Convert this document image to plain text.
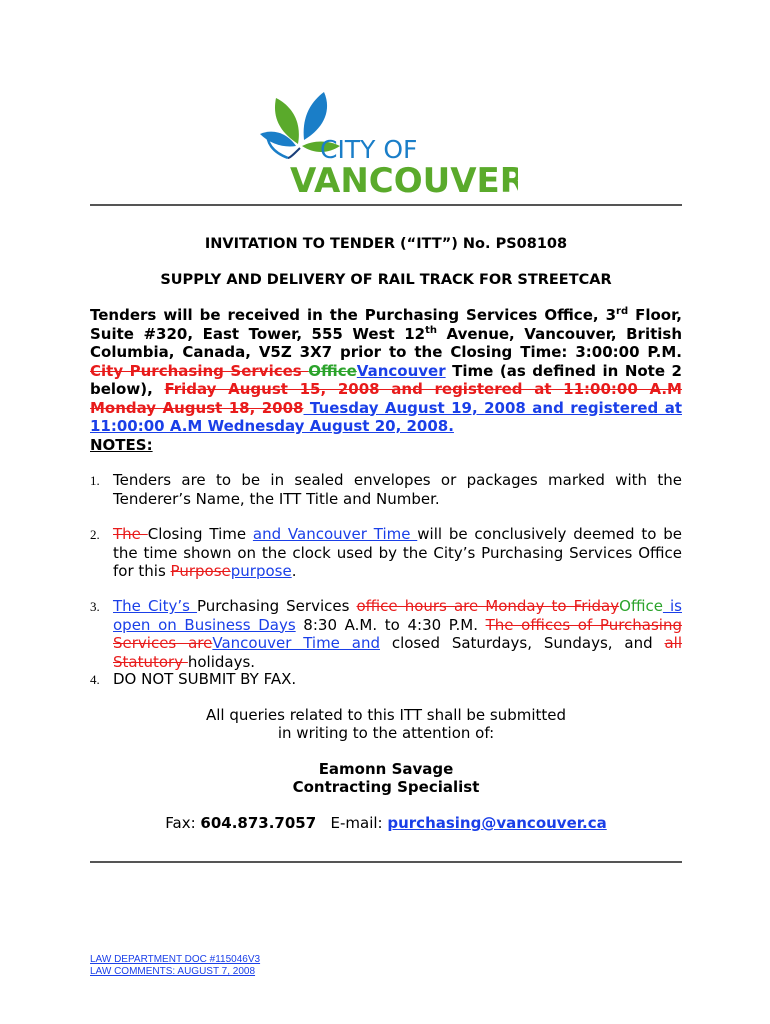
CITY OF
VANCOUVER
INVITATION TO TENDER (“ITT”) No. PS08108
SUPPLY AND DELIVERY OF RAIL TRACK FOR STREETCAR
Tenders will be received in the Purchasing Services Office, 3rd Floor, Suite #320, East Tower, 555 West 12th Avenue, Vancouver, British Columbia, Canada, V5Z 3X7 prior to the Closing Time: 3:00:00 P.M. City Purchasing Services OfficeVancouver Time (as defined in Note 2 below), Friday August 15, 2008 and registered at 11:00:00 A.M Monday August 18, 2008 Tuesday August 19, 2008 and registered at 11:00:00 A.M Wednesday August 20, 2008.
NOTES:
1. Tenders are to be in sealed envelopes or packages marked with the Tenderer’s Name, the ITT Title and Number.
2. The Closing Time and Vancouver Time will be conclusively deemed to be the time shown on the clock used by the City’s Purchasing Services Office for this Purposepurpose.
3. The City’s Purchasing Services office hours are Monday to FridayOffice is open on Business Days 8:30 A.M. to 4:30 P.M. The offices of Purchasing Services areVancouver Time and closed Saturdays, Sundays, and all Statutory holidays.
4. DO NOT SUBMIT BY FAX.
All queries related to this ITT shall be submitted
in writing to the attention of:
Eamonn Savage
Contracting Specialist
Fax: 604.873.7057 E-mail: purchasing@vancouver.ca
LAW DEPARTMENT DOC #115046V3
LAW COMMENTS: AUGUST 7, 2008
